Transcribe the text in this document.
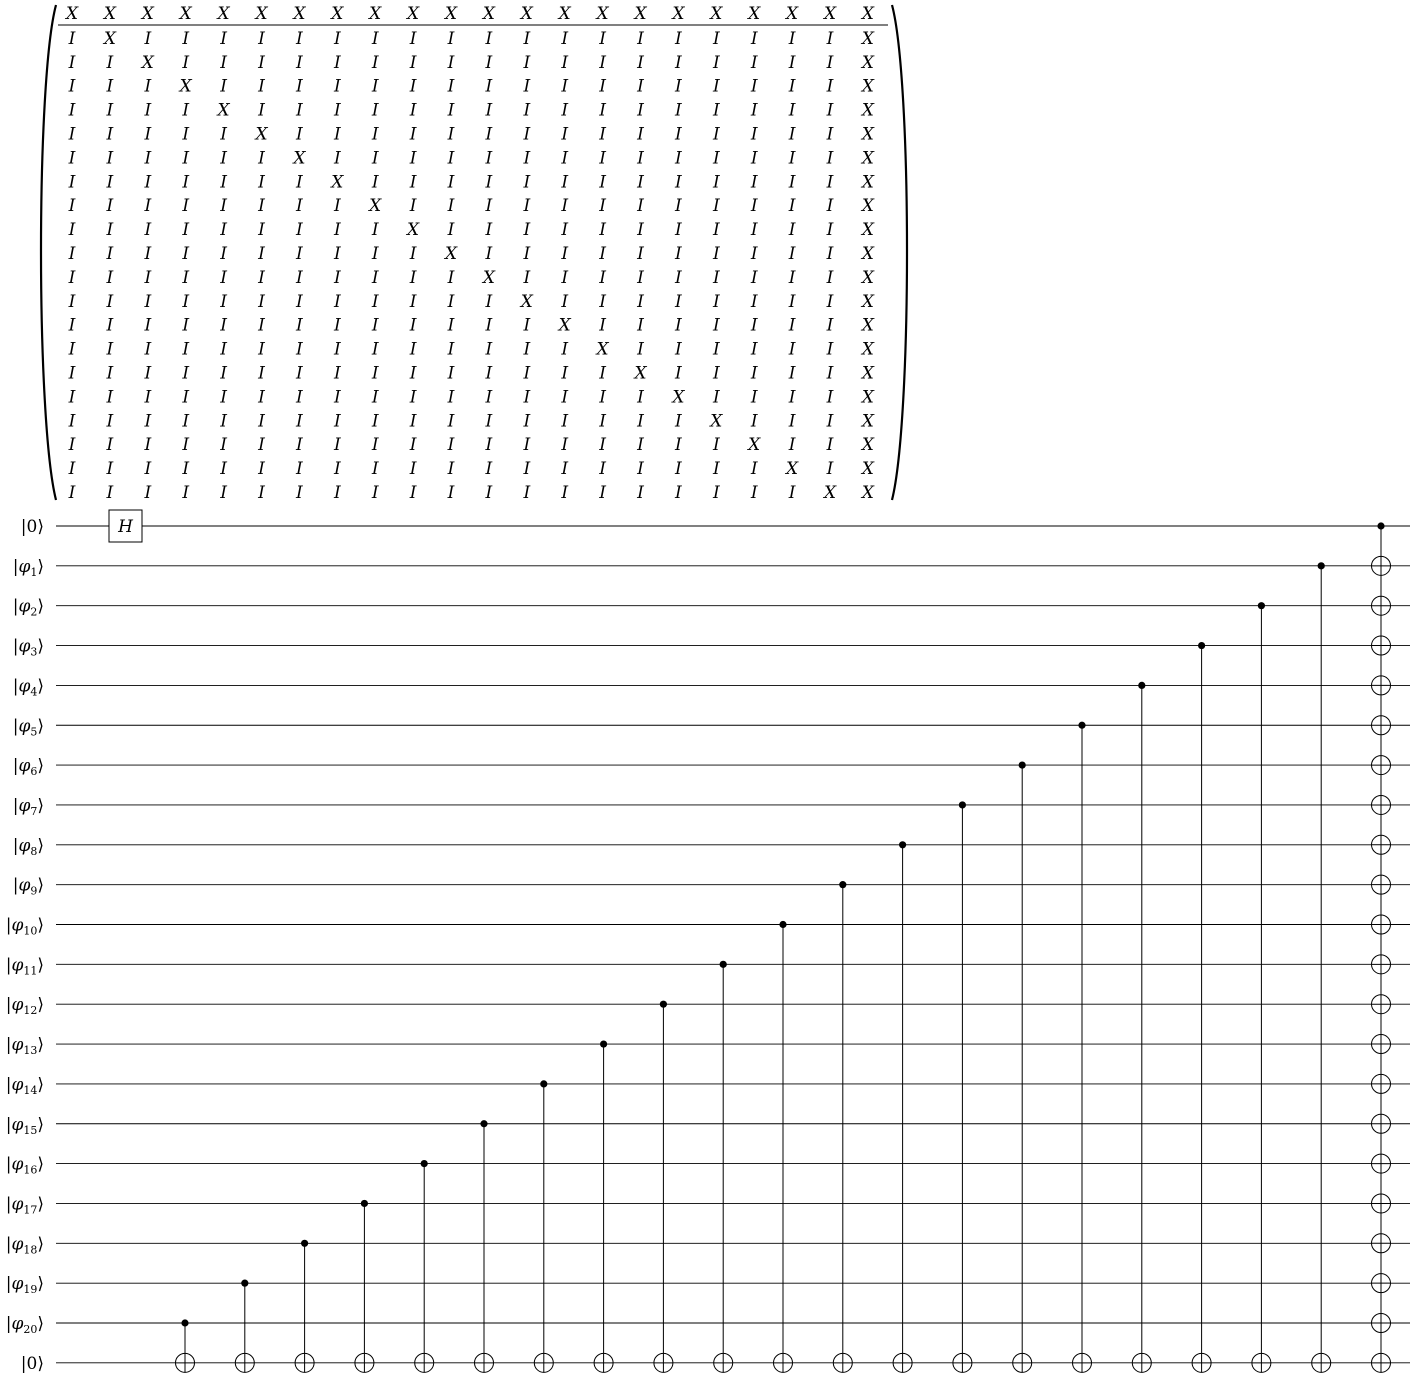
X X X X X X X X X X X X X X X X X X X X X X
I X I I I I I I I I I I I I I I I I I I I X
I I X I I I I I I I I I I I I I I I I I I X
I I I X I I I I I I I I I I I I I I I I I X
I I I I X I I I I I I I I I I I I I I I I X
I I I I I X I I I I I I I I I I I I I I I X
I I I I I I X I I I I I I I I I I I I I I X
I I I I I I I X I I I I I I I I I I I I I X
I I I I I I I I X I I I I I I I I I I I I X
I I I I I I I I I X I I I I I I I I I I I X
I I I I I I I I I I X I I I I I I I I I I X
I I I I I I I I I I I X I I I I I I I I I X
I I I I I I I I I I I I X I I I I I I I I X
I I I I I I I I I I I I I X I I I I I I I X
I I I I I I I I I I I I I I X I I I I I I X
I I I I I I I I I I I I I I I X I I I I I X
I I I I I I I I I I I I I I I I X I I I I X
I I I I I I I I I I I I I I I I I X I I I X
I I I I I I I I I I I I I I I I I I X I I X
I I I I I I I I I I I I I I I I I I I X I X
I I I I I I I I I I I I I I I I I I I I X X
|0⟩
$|\varphi_1⟩$
$|\varphi_2⟩$
$|\varphi_3⟩$
$|\varphi_4⟩$
$|\varphi_5⟩$
$|\varphi_6⟩$
$|\varphi_7⟩$
$|\varphi_8⟩$
$|\varphi_9⟩$
$|\varphi_{10}⟩$
$|\varphi_{11}⟩$
$|\varphi_{12}⟩$
$|\varphi_{13}⟩$
$|\varphi_{14}⟩$
$|\varphi_{15}⟩$
$|\varphi_{16}⟩$
$|\varphi_{17}⟩$
$|\varphi_{18}⟩$
$|\varphi_{19}⟩$
$|\varphi_{20}⟩$
|0⟩
H
